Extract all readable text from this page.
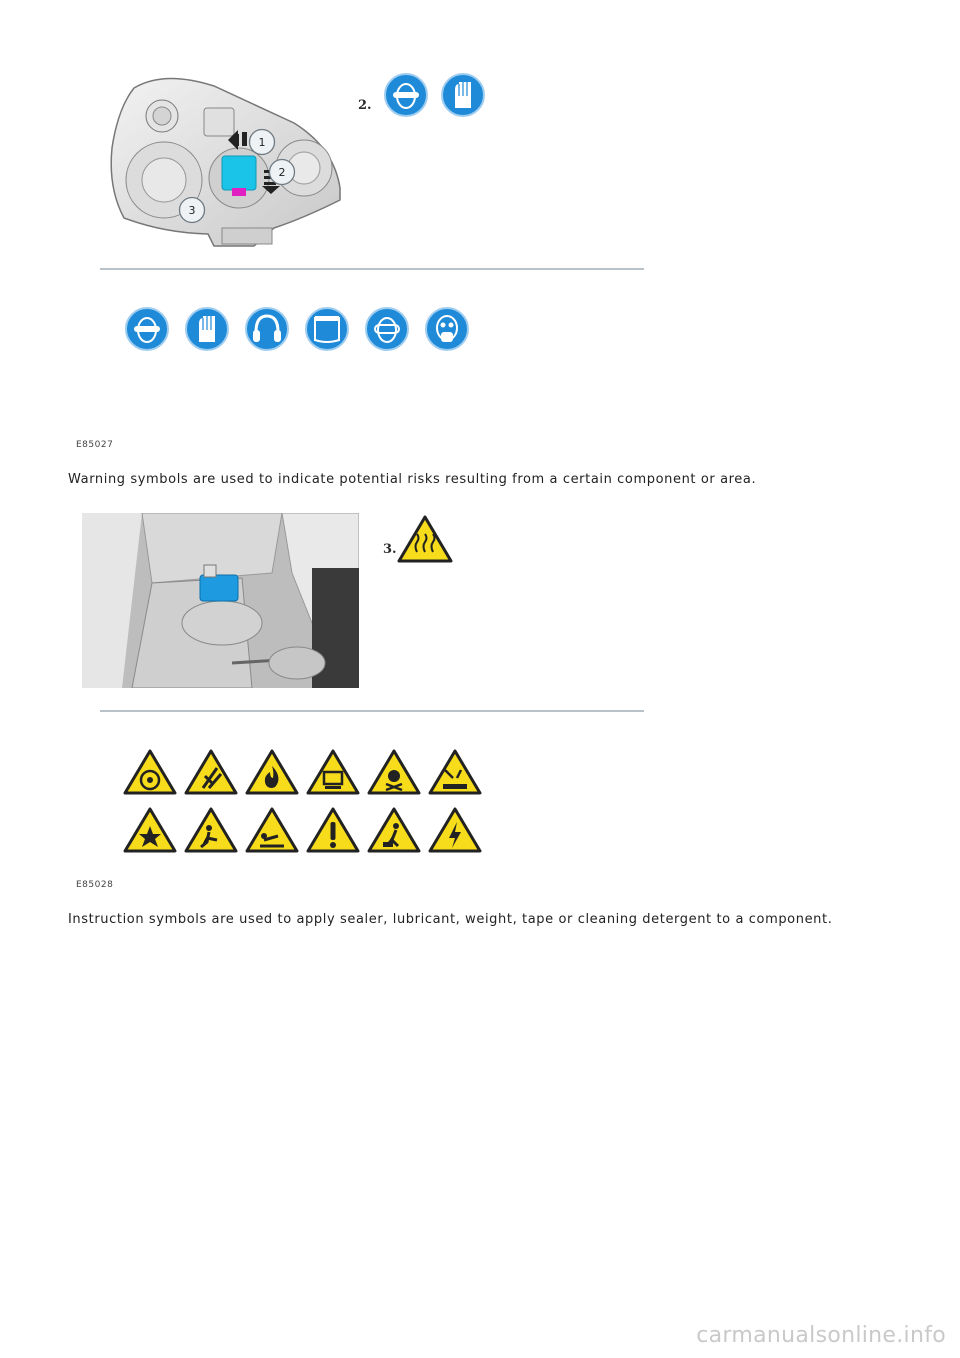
1
2
3
2.
E85027
Warning symbols are used to indicate potential risks resulting from a certain component or area.
3.
E85028
Instruction symbols are used to apply sealer, lubricant, weight, tape or cleaning detergent to a component.
carmanualsonline.info
